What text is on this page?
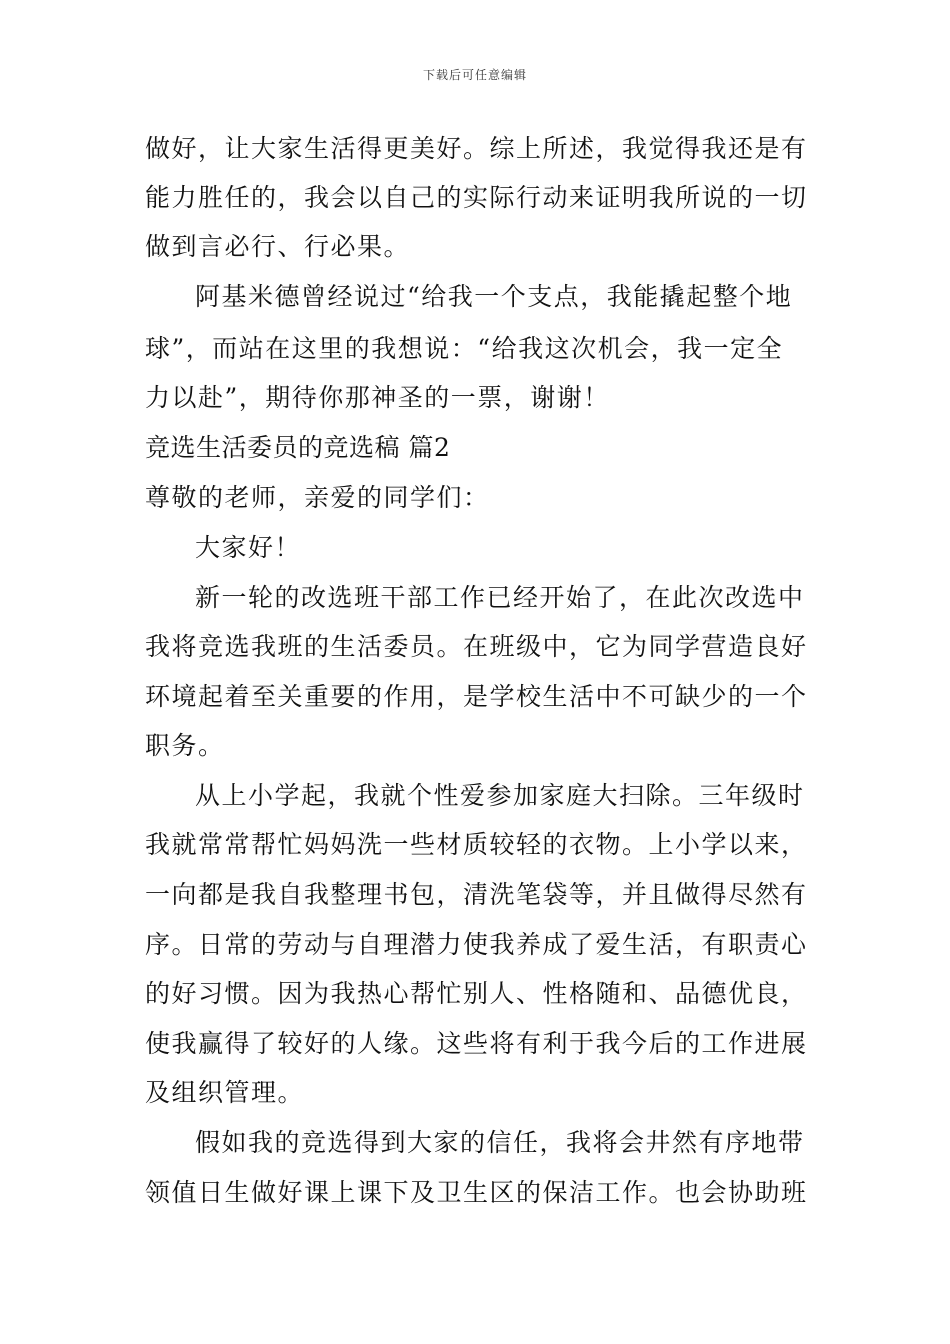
下载后可任意编辑
做好，让大家生活得更美好。综上所述，我觉得我还是有
能力胜任的，我会以自己的实际行动来证明我所说的一切
做到言必行、行必果。
阿基米德曾经说过“给我一个支点，我能撬起整个地
球”，而站在这里的我想说：“给我这次机会，我一定全
力以赴”，期待你那神圣的一票，谢谢！
竞选生活委员的竞选稿 篇2
尊敬的老师，亲爱的同学们：
大家好！
新一轮的改选班干部工作已经开始了，在此次改选中
我将竞选我班的生活委员。在班级中，它为同学营造良好
环境起着至关重要的作用，是学校生活中不可缺少的一个
职务。
从上小学起，我就个性爱参加家庭大扫除。三年级时
我就常常帮忙妈妈洗一些材质较轻的衣物。上小学以来，
一向都是我自我整理书包，清洗笔袋等，并且做得尽然有
序。日常的劳动与自理潜力使我养成了爱生活，有职责心
的好习惯。因为我热心帮忙别人、性格随和、品德优良，
使我赢得了较好的人缘。这些将有利于我今后的工作进展
及组织管理。
假如我的竞选得到大家的信任，我将会井然有序地带
领值日生做好课上课下及卫生区的保洁工作。也会协助班
